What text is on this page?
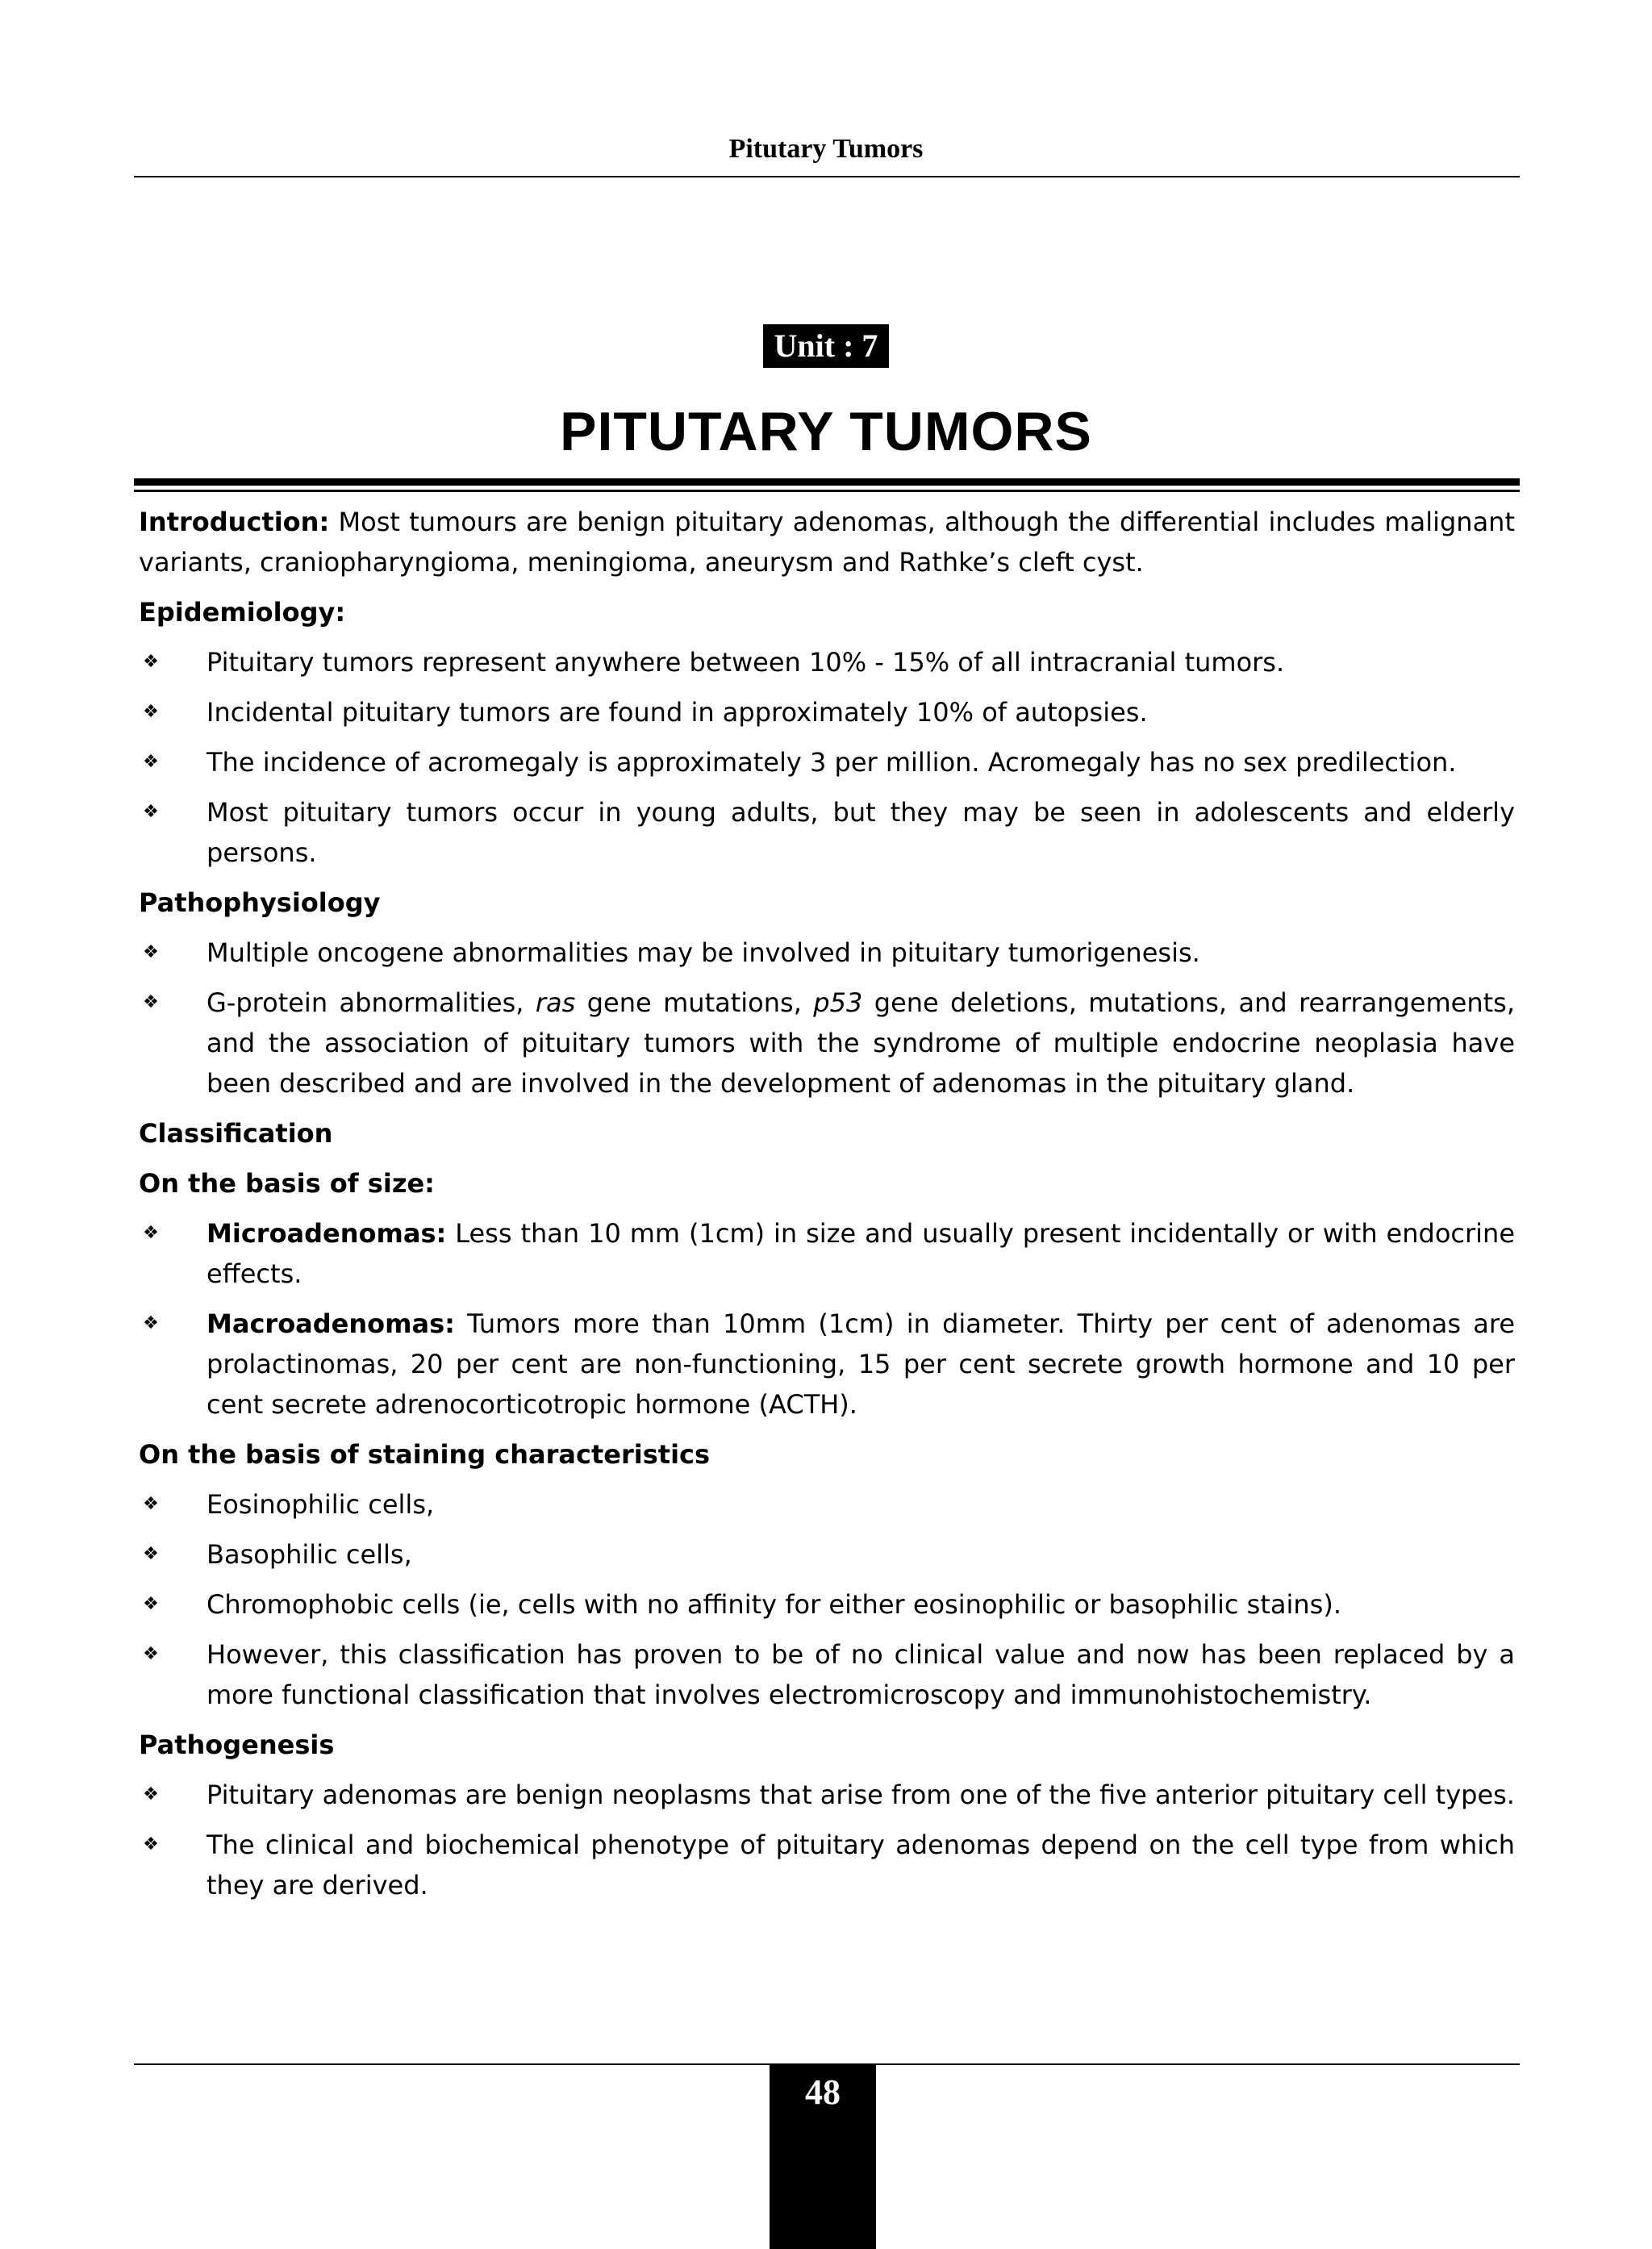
Pitutary Tumors
Unit : 7
PITUTARY TUMORS

Introduction: Most tumours are benign pituitary adenomas, although the differential includes malignant variants, craniopharyngioma, meningioma, aneurysm and Rathke’s cleft cyst.

Epidemiology:
❖ Pituitary tumors represent anywhere between 10% - 15% of all intracranial tumors.
❖ Incidental pituitary tumors are found in approximately 10% of autopsies.
❖ The incidence of acromegaly is approximately 3 per million. Acromegaly has no sex predilection.
❖ Most pituitary tumors occur in young adults, but they may be seen in adolescents and elderly persons.
Pathophysiology
❖ Multiple oncogene abnormalities may be involved in pituitary tumorigenesis.
❖ G-protein abnormalities, ras gene mutations, p53 gene deletions, mutations, and rearrangements, and the association of pituitary tumors with the syndrome of multiple endocrine neoplasia have been described and are involved in the development of adenomas in the pituitary gland.
Classification
On the basis of size:
❖ Microadenomas: Less than 10 mm (1cm) in size and usually present incidentally or with endocrine effects.
❖ Macroadenomas: Tumors more than 10mm (1cm) in diameter. Thirty per cent of adenomas are prolactinomas, 20 per cent are non-functioning, 15 per cent secrete growth hormone and 10 per cent secrete adrenocorticotropic hormone (ACTH).
On the basis of staining characteristics
❖ Eosinophilic cells,
❖ Basophilic cells,
❖ Chromophobic cells (ie, cells with no affinity for either eosinophilic or basophilic stains).
❖ However, this classification has proven to be of no clinical value and now has been replaced by a more functional classification that involves electromicroscopy and immunohistochemistry.
Pathogenesis
❖ Pituitary adenomas are benign neoplasms that arise from one of the five anterior pituitary cell types.
❖ The clinical and biochemical phenotype of pituitary adenomas depend on the cell type from which they are derived.
48
